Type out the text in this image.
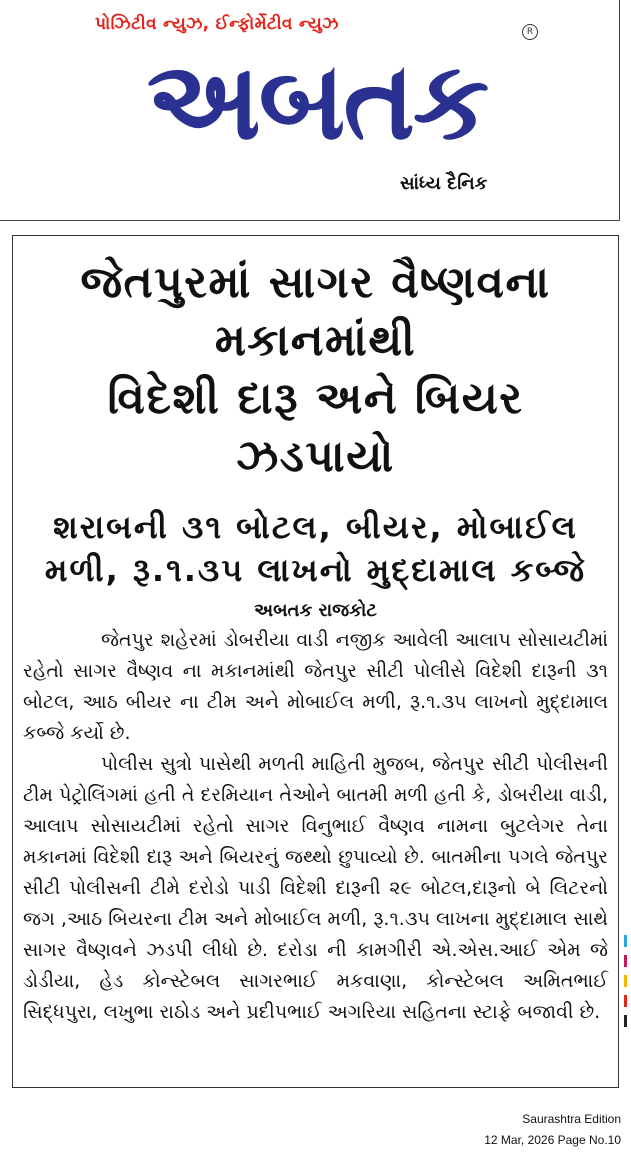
પોઝિટીવ ન્યુઝ, ઈન્ફોર્મેટીવ ન્યુઝ	R
અબતક
સાંધ્ય દૈનિક
જેતપુરમાં સાગર વૈષ્ણવના મકાનમાંથી
વિદેશી દારૂ અને બિયર ઝડપાયો
શરાબની ૩૧ બોટલ, બીયર, મોબાઈલ
મળી, રૂ.૧.૩૫ લાખનો મુદ્દામાલ કબ્જે
અબતક રાજકોટ

જેતપુર શહેરમાં ડોબરીયા વાડી નજીક આવેલી આલાપ સોસાયટીમાં રહેતો સાગર વૈષ્ણવ ના મકાનમાંથી જેતપુર સીટી પોલીસે વિદેશી દારૂની ૩૧ બોટલ, આઠ બીયર ના ટીમ અને મોબાઈલ મળી, રૂ.૧.૩૫ લાખનો મુદ્દામાલ કબ્જે કર્યો છે.

પોલીસ સુત્રો પાસેથી મળતી માહિતી મુજબ, જેતપુર સીટી પોલીસની ટીમ પેટ્રોલિંગમાં હતી તે દરમિયાન તેઓને બાતમી મળી હતી કે, ડોબરીયા વાડી, આલાપ સોસાયટીમાં રહેતો સાગર વિનુભાઈ વૈષ્ણવ નામના બુટલેગર તેના મકાનમાં વિદેશી દારૂ અને બિયરનું જથ્થો છુપાવ્યો છે. બાતમીના પગલે જેતપુર સીટી પોલીસની ટીમે દરોડો પાડી વિદેશી દારૂની ૨૯ બોટલ,દારૂનો બે લિટરનો જગ ,આઠ બિયરના ટીમ અને મોબાઈલ મળી, રૂ.૧.૩૫ લાખના મુદ્દામાલ સાથે સાગર વૈષ્ણવને ઝડપી લીધો છે. દરોડા ની કામગીરી એ.એસ.આઈ એમ જે ડોડીયા, હેડ કોન્સ્ટેબલ સાગરભાઈ મકવાણા, કોન્સ્ટેબલ અમિતભાઈ સિદ્ધપુરા, લખુભા રાઠોડ અને પ્રદીપભાઈ અગરિયા સહિતના સ્ટાફે બજાવી છે.

Saurashtra Edition
12 Mar, 2026 Page No.10
